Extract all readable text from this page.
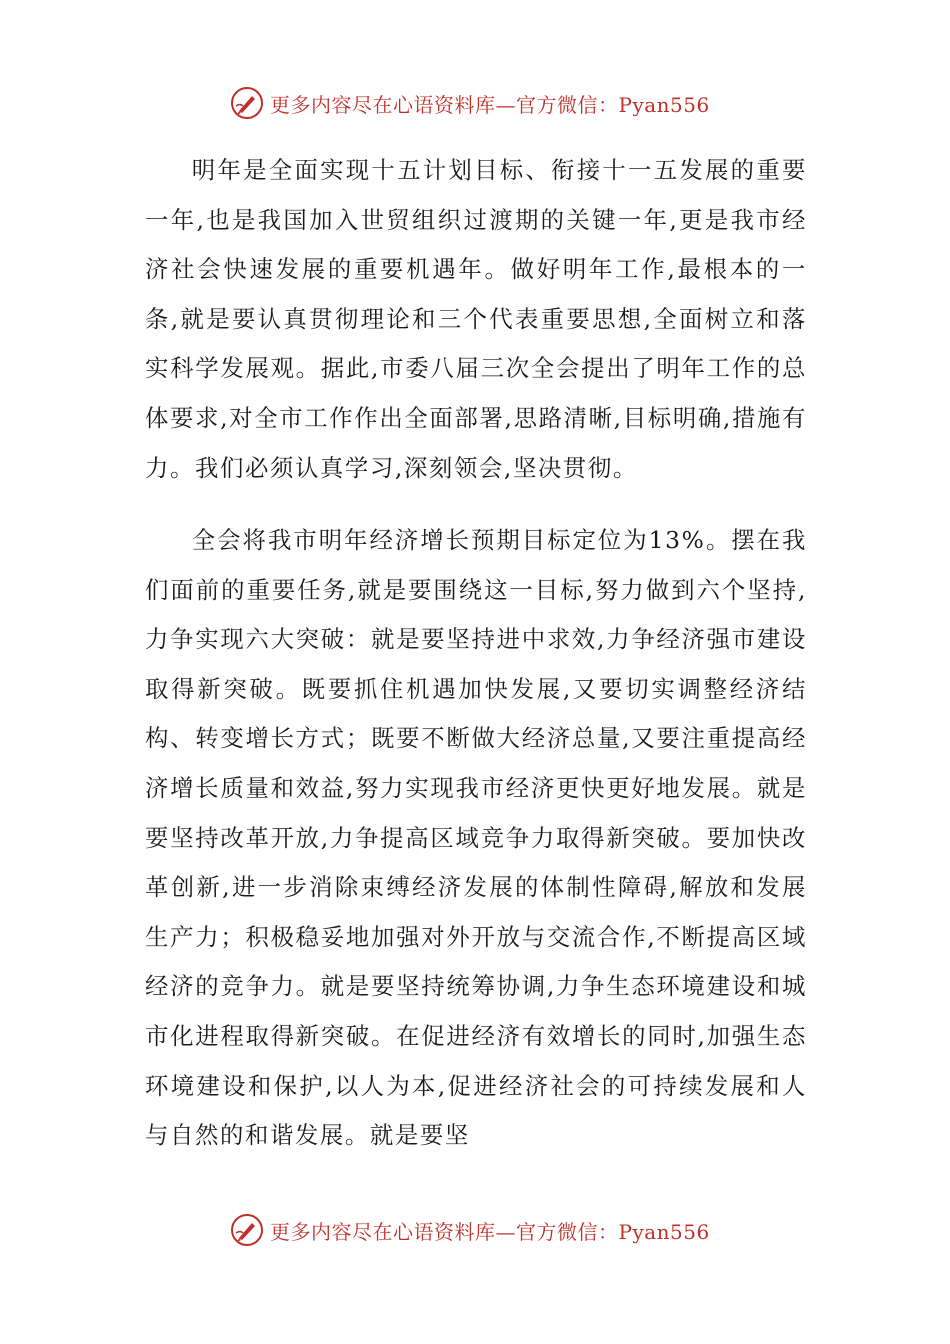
更多内容尽在心语资料库—官方微信：Pyan556

明年是全面实现十五计划目标、衔接十一五发展的重要一年,也是我国加入世贸组织过渡期的关键一年,更是我市经济社会快速发展的重要机遇年。做好明年工作,最根本的一条,就是要认真贯彻理论和三个代表重要思想,全面树立和落实科学发展观。据此,市委八届三次全会提出了明年工作的总体要求,对全市工作作出全面部署,思路清晰,目标明确,措施有力。我们必须认真学习,深刻领会,坚决贯彻。

全会将我市明年经济增长预期目标定位为13%。摆在我们面前的重要任务,就是要围绕这一目标,努力做到六个坚持,力争实现六大突破：就是要坚持进中求效,力争经济强市建设取得新突破。既要抓住机遇加快发展,又要切实调整经济结构、转变增长方式；既要不断做大经济总量,又要注重提高经济增长质量和效益,努力实现我市经济更快更好地发展。就是要坚持改革开放,力争提高区域竞争力取得新突破。要加快改革创新,进一步消除束缚经济发展的体制性障碍,解放和发展生产力；积极稳妥地加强对外开放与交流合作,不断提高区域经济的竞争力。就是要坚持统筹协调,力争生态环境建设和城市化进程取得新突破。在促进经济有效增长的同时,加强生态环境建设和保护,以人为本,促进经济社会的可持续发展和人与自然的和谐发展。就是要坚

更多内容尽在心语资料库—官方微信：Pyan556
